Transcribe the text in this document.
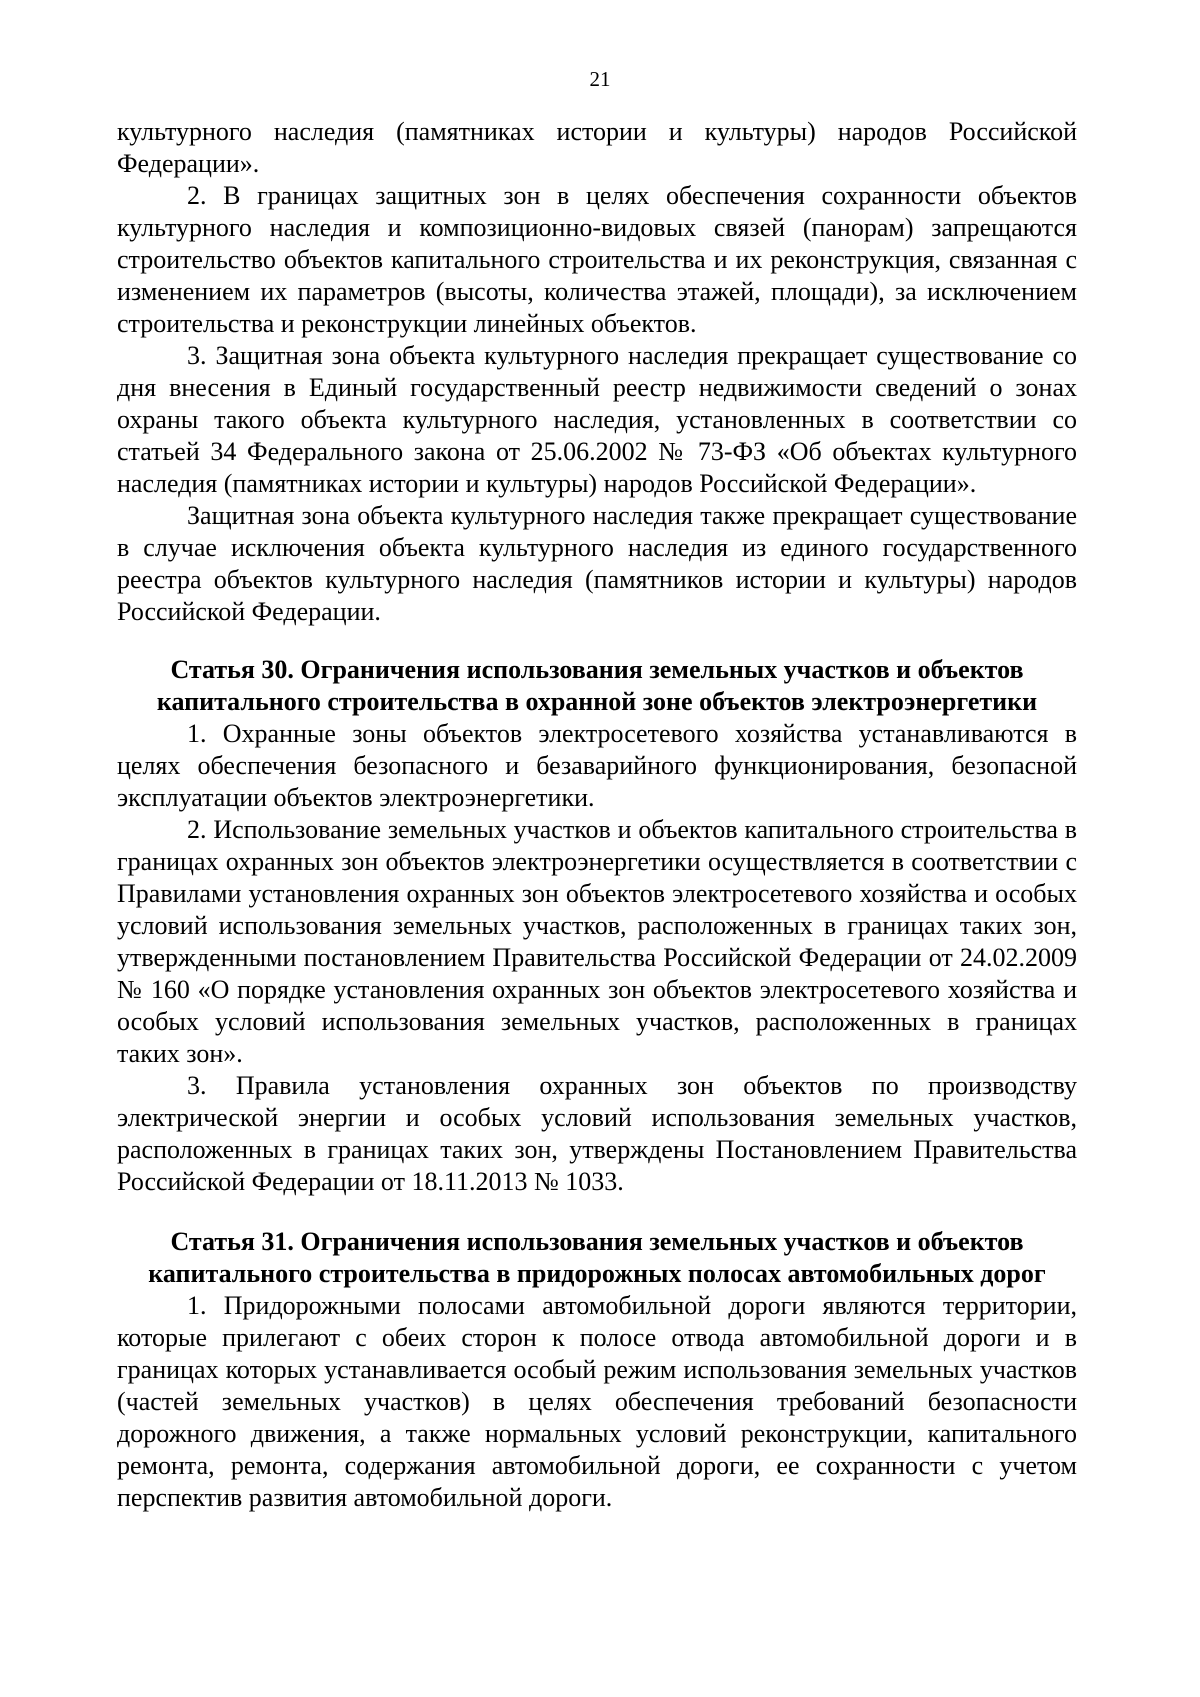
21

культурного наследия (памятниках истории и культуры) народов Российской Федерации».

2. В границах защитных зон в целях обеспечения сохранности объектов культурного наследия и композиционно-видовых связей (панорам) запрещаются строительство объектов капитального строительства и их реконструкция, связанная с изменением их параметров (высоты, количества этажей, площади), за исключением строительства и реконструкции линейных объектов.

3. Защитная зона объекта культурного наследия прекращает существование со дня внесения в Единый государственный реестр недвижимости сведений о зонах охраны такого объекта культурного наследия, установленных в соответствии со статьей 34 Федерального закона от 25.06.2002 № 73-ФЗ «Об объектах культурного наследия (памятниках истории и культуры) народов Российской Федерации».

Защитная зона объекта культурного наследия также прекращает существование в случае исключения объекта культурного наследия из единого государственного реестра объектов культурного наследия (памятников истории и культуры) народов Российской Федерации.

Статья 30. Ограничения использования земельных участков и объектов
капитального строительства в охранной зоне объектов электроэнергетики

1. Охранные зоны объектов электросетевого хозяйства устанавливаются в целях обеспечения безопасного и безаварийного функционирования, безопасной эксплуатации объектов электроэнергетики.

2. Использование земельных участков и объектов капитального строительства в границах охранных зон объектов электроэнергетики осуществляется в соответствии с Правилами установления охранных зон объектов электросетевого хозяйства и особых условий использования земельных участков, расположенных в границах таких зон, утвержденными постановлением Правительства Российской Федерации от 24.02.2009 № 160 «О порядке установления охранных зон объектов электросетевого хозяйства и особых условий использования земельных участков, расположенных в границах таких зон».

3. Правила установления охранных зон объектов по производству электрической энергии и особых условий использования земельных участков, расположенных в границах таких зон, утверждены Постановлением Правительства Российской Федерации от 18.11.2013 № 1033.

Статья 31. Ограничения использования земельных участков и объектов
капитального строительства в придорожных полосах автомобильных дорог

1. Придорожными полосами автомобильной дороги являются территории, которые прилегают с обеих сторон к полосе отвода автомобильной дороги и в границах которых устанавливается особый режим использования земельных участков (частей земельных участков) в целях обеспечения требований безопасности дорожного движения, а также нормальных условий реконструкции, капитального ремонта, ремонта, содержания автомобильной дороги, ее сохранности с учетом перспектив развития автомобильной дороги.
